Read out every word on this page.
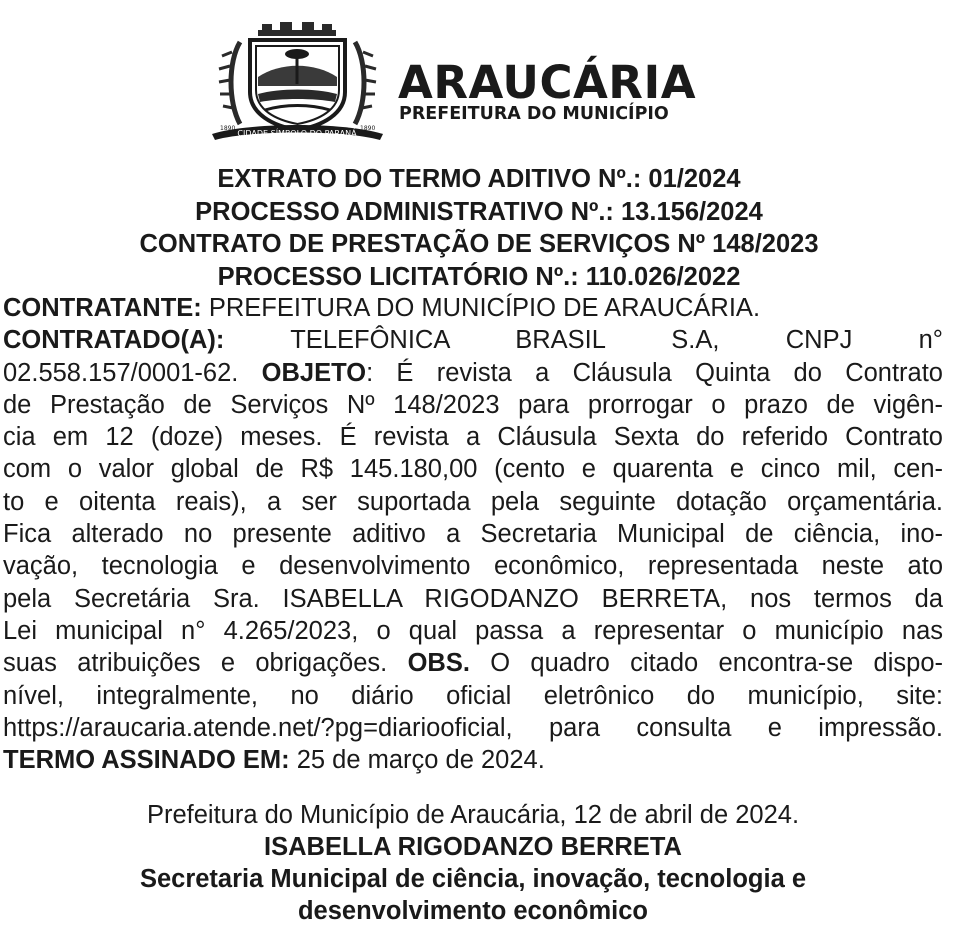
CIDADE SÍMBOLO DO PARANÁ
1890	1890
ARAUCÁRIA
PREFEITURA DO MUNICÍPIO
EXTRATO DO TERMO ADITIVO Nº.: 01/2024
PROCESSO ADMINISTRATIVO Nº.: 13.156/2024
CONTRATO DE PRESTAÇÃO DE SERVIÇOS Nº 148/2023
PROCESSO LICITATÓRIO Nº.: 110.026/2022
CONTRATANTE: PREFEITURA DO MUNICÍPIO DE ARAUCÁRIA.
CONTRATADO(A):	TELEFÔNICA	BRASIL	S.A,	CNPJ	n°
02.558.157/0001-62. OBJETO: É revista a Cláusula Quinta do Contrato
de Prestação de Serviços Nº 148/2023 para prorrogar o prazo de vigên-
cia em 12 (doze) meses. É revista a Cláusula Sexta do referido Contrato
com o valor global de R$ 145.180,00 (cento e quarenta e cinco mil, cen-
to e oitenta reais), a ser suportada pela seguinte dotação orçamentária.
Fica alterado no presente aditivo a Secretaria Municipal de ciência, ino-
vação, tecnologia e desenvolvimento econômico, representada neste ato
pela Secretária Sra. ISABELLA RIGODANZO BERRETA, nos termos da
Lei municipal n° 4.265/2023, o qual passa a representar o município nas
suas atribuições e obrigações. OBS. O quadro citado encontra-se dispo-
nível, integralmente, no diário oficial eletrônico do município, site:
https://araucaria.atende.net/?pg=diariooficial, para consulta e impressão.
TERMO ASSINADO EM: 25 de março de 2024.
Prefeitura do Município de Araucária, 12 de abril de 2024.
ISABELLA RIGODANZO BERRETA
Secretaria Municipal de ciência, inovação, tecnologia e
desenvolvimento econômico
